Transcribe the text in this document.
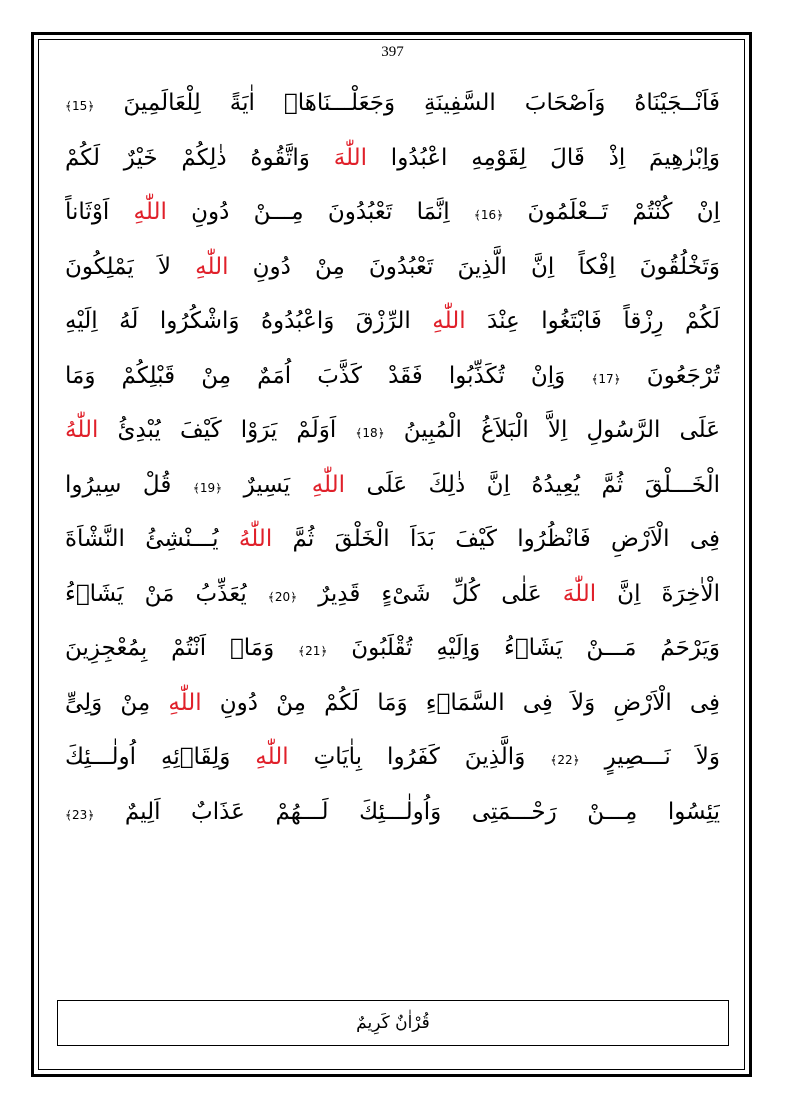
397
فَاَنْــجَيْنَاهُ وَاَصْحَابَ السَّفِينَةِ وَجَعَلْـــنَاهَاۤ اٰيَةً لِلْعَالَمِينَ ﴿15﴾
وَاِبْرٰهِيمَ اِذْ قَالَ لِقَوْمِهِ اعْبُدُوا اللّٰهَ وَاتَّقُوهُ ذٰلِكُمْ خَيْرٌ لَكُمْ
اِنْ كُنْتُمْ تَــعْلَمُونَ ﴿16﴾ اِنَّمَا تَعْبُدُونَ مِـــنْ دُونِ اللّٰهِ اَوْثَاناً
وَتَخْلُقُونَ اِفْكاً اِنَّ الَّذِينَ تَعْبُدُونَ مِنْ دُونِ اللّٰهِ لاَ يَمْلِكُونَ
لَكُمْ رِزْقاً فَابْتَغُوا عِنْدَ اللّٰهِ الرِّزْقَ وَاعْبُدُوهُ وَاشْكُرُوا لَهُ اِلَيْهِ
تُرْجَعُونَ ﴿17﴾ وَاِنْ تُكَذِّبُوا فَقَدْ كَذَّبَ اُمَمٌ مِنْ قَبْلِكُمْ وَمَا
عَلَى الرَّسُولِ اِلاَّ الْبَلاَغُ الْمُبِينُ ﴿18﴾ اَوَلَمْ يَرَوْا كَيْفَ يُبْدِئُ اللّٰهُ
الْخَـــلْقَ ثُمَّ يُعِيدُهُ اِنَّ ذٰلِكَ عَلَى اللّٰهِ يَسِيرٌ ﴿19﴾ قُلْ سِيرُوا
فِى الْاَرْضِ فَانْظُرُوا كَيْفَ بَدَاَ الْخَلْقَ ثُمَّ اللّٰهُ يُـــنْشِئُ النَّشْاَةَ
الْاٰخِرَةَ اِنَّ اللّٰهَ عَلٰى كُلِّ شَىْءٍ قَدِيرٌ ﴿20﴾ يُعَذِّبُ مَنْ يَشَاۤءُ
وَيَرْحَمُ مَـــنْ يَشَاۤءُ وَاِلَيْهِ تُقْلَبُونَ ﴿21﴾ وَمَاۤ اَنْتُمْ بِمُعْجِزِينَ
فِى الْاَرْضِ وَلاَ فِى السَّمَاۤءِ وَمَا لَكُمْ مِنْ دُونِ اللّٰهِ مِنْ وَلِىٍّ
وَلاَ نَـــصِيرٍ ﴿22﴾ وَالَّذِينَ كَفَرُوا بِاٰيَاتِ اللّٰهِ وَلِقَاۤئِهِ اُولٰـــئِكَ
يَئِسُوا مِـــنْ رَحْـــمَتِى وَاُولٰـــئِكَ لَـــهُمْ عَذَابٌ اَلِيمٌ ﴿23﴾
قُرْاٰنٌ كَرِيمٌ
